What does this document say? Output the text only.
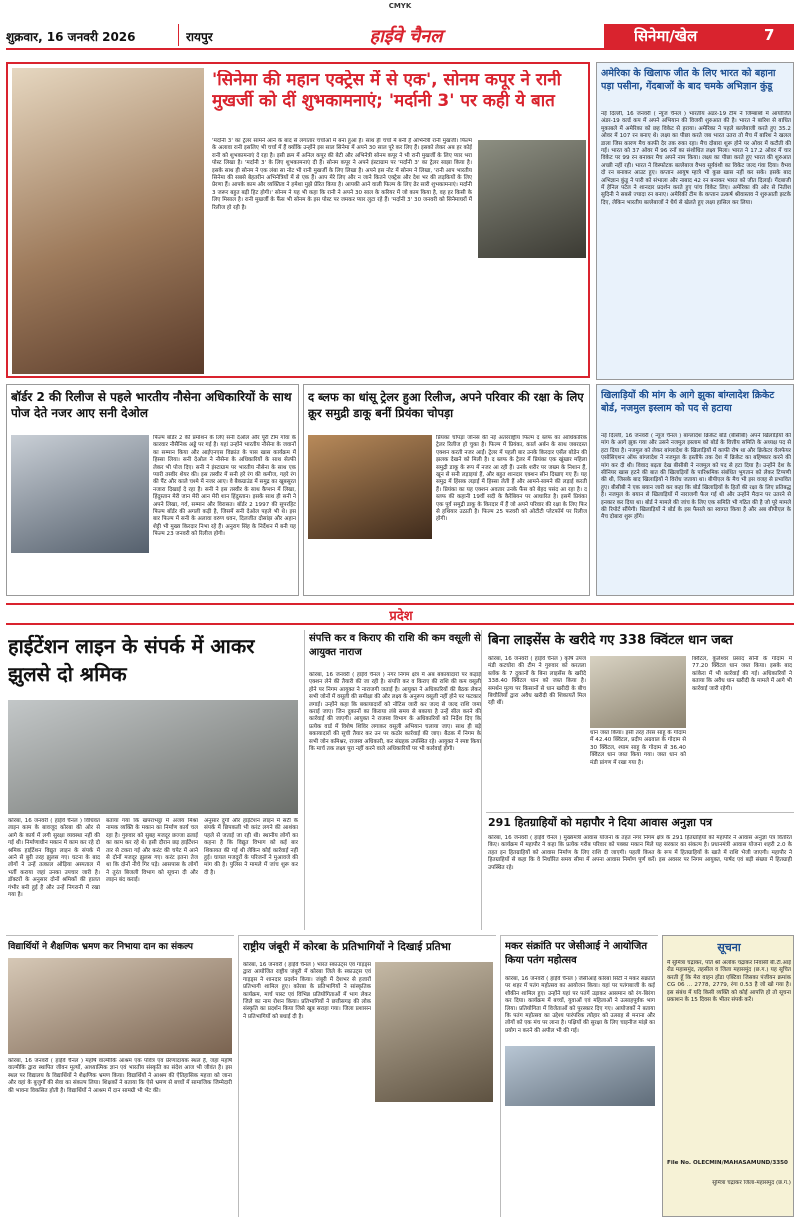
CMYK
शुक्रवार, 16 जनवरी 2026	रायपुर	हाईवे चैनल	सिनेमा/खेल	7
'सिनेमा की महान एक्ट्रेस में से एक', सोनम कपूर ने रानी मुखर्जी को दीं शुभकामनाएं; 'मर्दानी 3' पर कही ये बात
'मर्दानी 3' का ट्रेलर सामने आने के बाद से लगातार चर्चाओं में बना हुआ है। साथ ही चर्चा में बनी हैं अभिनेत्री रानी मुखर्जी। फिल्म के अलावा रानी इसलिए भी चर्चा में हैं क्योंकि उन्होंने इस साल सिनेमा में अपने 30 साल पूरे कर लिए हैं। इसको लेकर अब हर कोई रानी को शुभकामनाएं दे रहा है। इसी क्रम में अनिल कपूर की बेटी और अभिनेत्री सोनम कपूर ने भी रानी मुखर्जी के लिए प्यार भरा पोस्ट लिखा है। 'मर्दानी 3' के लिए शुभकामनाएं दी हैं। सोनम कपूर ने अपने इंस्टाग्राम पर 'मर्दानी 3' का ट्रेलर साझा किया है। इसके साथ ही सोनम ने एक लंबा सा नोट भी रानी मुखर्जी के लिए लिखा है। अपने इस नोट में सोनम ने लिखा, 'रानी आप भारतीय सिनेमा की सबसे बेहतरीन अभिनेत्रियों में से एक हैं। आप मेरे लिए और न जाने कितने एक्ट्रेस और देश भर की लड़कियों के लिए प्रेरणा हैं। आपके काम और व्यक्तित्व ने हमेशा मुझे प्रेरित किया है। आपकी आने वाली फिल्म के लिए ढेर सारी शुभकामनाएं। मर्दानी 3 जरूर बहुत बड़ी हिट होगी।' सोनम ने यह भी कहा कि रानी ने अपने 30 साल के करियर में जो काम किया है, वह हर किसी के लिए मिसाल है। रानी मुखर्जी के फैंस भी सोनम के इस पोस्ट पर जमकर प्यार लुटा रहे हैं। 'मर्दानी 3' 30 जनवरी को सिनेमाघरों में रिलीज हो रही है।
बॉर्डर 2 की रिलीज से पहले भारतीय नौसेना अधिकारियों के साथ पोज देते नजर आए सनी देओल
फिल्म बॉर्डर 2 की प्रमोशन के लिए सनी देओल और पूरी टीम गोवा के कारवार नौसैनिक अड्डे पर गई है। यहां उन्होंने भारतीय नौसेना के जवानों का सम्मान किया और आईएनएस विक्रांत के पास खास कार्यक्रम में हिस्सा लिया। सनी देओल ने नौसेना के अधिकारियों के साथ सेल्फी लेकर भी पोज दिए। सनी ने इंस्टाग्राम पर भारतीय नौसेना के साथ एक प्यारी तस्वीर शेयर की। इस तस्वीर में सनी हरे रंग की कमीज, गहरे रंग की पैंट और काले चश्मे में नजर आए। वे बैकग्राउंड में समुद्र का खूबसूरत नजारा दिखाई दे रहा है। सनी ने इस तस्वीर के साथ कैप्शन में लिखा, हिंदुस्तान मेरी जान मेरी आन मेरी शान हिंदुस्तान। इसके साथ ही सनी ने अपने लिखा, गर्व, सम्मान और विरासत। बॉर्डर 2 1997 की सुपरहिट फिल्म बॉर्डर की अगली कड़ी है, जिसमें सनी देओल पहले भी थे। इस बार फिल्म में सनी के अलावा वरुण धवन, दिलजीत दोसांझ और अहान शेट्टी भी मुख्य किरदार निभा रहे हैं। अनुराग सिंह के निर्देशन में बनी यह फिल्म 23 जनवरी को रिलीज होगी।
द ब्लफ का धांसू ट्रेलर हुआ रिलीज, अपने परिवार की रक्षा के लिए क्रूर समुद्री डाकू बनीं प्रियंका चोपड़ा
प्रियंका चोपड़ा जोनस की नई अंतरराष्ट्रीय फिल्म द ब्लफ का आधिकारिक ट्रेलर रिलीज हो चुका है। फिल्म में प्रियंका, कार्ल अर्बन के साथ जबरदस्त एक्शन करती नजर आईं। ट्रेलर में पहली बार उनके किरदार एर्सेल बोडेन की झलक देखने को मिली है। द ब्लफ के ट्रेलर में प्रियंका एक खूंखार महिला समुद्री डाकू के रूप में नजर आ रही हैं। उनके शरीर पर जख्म के निशान हैं, खून से सनी लड़ाइयां हैं, और बहुत शानदार एक्शन सीन दिखाए गए हैं। यह समुद्र में हिंसक लड़ाई में हिस्सा लेती हैं और आमने-सामने की लड़ाई करती हैं। प्रियंका का यह एक्शन अवतार उनके फैंस को बेहद पसंद आ रहा है। द ब्लफ की कहानी 19वीं सदी के कैरेबियन पर आधारित है। इसमें प्रियंका एक पूर्व समुद्री डाकू के किरदार में हैं जो अपने परिवार की रक्षा के लिए फिर से हथियार उठाती है। फिल्म 25 फरवरी को ओटीटी प्लेटफॉर्म पर रिलीज होगी।
अमेरिका के खिलाफ जीत के लिए भारत को बहाना पड़ा पसीना, गेंदबाजों के बाद चमके अभिज्ञान कुंडू
नई दिल्ली, 16 जनवरी ( न्यूज चैनल ) भारतीय अंडर-19 टीम ने जिम्बाब्वे में आयोजित अंडर-19 वर्ल्ड कप में अपने अभियान की विजयी शुरुआत की है। भारत ने बारिश से बाधित मुकाबले में अमेरिका को छह विकेट से हराया। अमेरिका ने पहले बल्लेबाजी करते हुए 35.2 ओवर में 107 रन बनाए थे। लक्ष्य का पीछा करते जब भारत उतरा तो मैच में बारिश ने खलल डाला जिस कारण मैच काफी देर तक रुका रहा। मैच दोबारा शुरू होने पर ओवर में कटौती की गई। भारत को 37 ओवर में 96 रनों का संशोधित लक्ष्य मिला। भारत ने 17.2 ओवर में चार विकेट पर 99 रन बनाकर मैच अपने नाम किया। लक्ष्य का पीछा करते हुए भारत की शुरुआत अच्छी नहीं रही। भारत ने विस्फोटक बल्लेबाज वैभव सूर्यवंशी का विकेट जल्द गंवा दिया। वैभव दो रन बनाकर आउट हुए। कप्तान आयुष म्हात्रे भी कुछ खास नहीं कर सके। इसके बाद अभिज्ञान कुंडू ने पारी को संभाला और नाबाद 42 रन बनाकर भारत को जीत दिलाई। गेंदबाजी में हेनिल पटेल ने शानदार प्रदर्शन करते हुए पांच विकेट लिए। अमेरिका की ओर से नितीश सुदिनी ने सबसे ज्यादा रन बनाए। अमेरिकी टीम के कप्तान उत्कर्ष श्रीवास्तव ने शुरुआती झटके दिए, लेकिन भारतीय बल्लेबाजों ने धैर्य से खेलते हुए लक्ष्य हासिल कर लिया।
खिलाड़ियों की मांग के आगे झुका बांग्लादेश क्रिकेट बोर्ड, नजमुल इस्लाम को पद से हटाया
नई दिल्ली, 16 जनवरी ( न्यूज चैनल ) बांग्लादेश क्रिकेट बोर्ड (बीसीबी) अपने खिलाड़ियों की मांग के आगे झुक गया और उसने नजमुल इस्लाम को बोर्ड के वित्तीय समिति के अध्यक्ष पद से हटा दिया है। नजमुल को लेकर बांग्लादेश के खिलाड़ियों में काफी रोष था और क्रिकेटर वेलफेयर एसोसिएशन ऑफ बांग्लादेश ने नजमुल के इस्तीफे तक देश में क्रिकेट का बहिष्कार करने की मांग कर दी थी। विवाद बढ़ता देख बीसीबी ने नजमुल को पद से हटा दिया है। उन्होंने देश के सीनियर खास हटने की बात की खिलाड़ियों के पारिश्रमिक संबंधित भुगतान को लेकर टिप्पणी की थी, जिसके बाद खिलाड़ियों ने विरोध जताया था। बीपीएल के मैच भी इस वजह से प्रभावित हुए। बीसीबी ने एक बयान जारी कर कहा कि बोर्ड खिलाड़ियों के हितों की रक्षा के लिए प्रतिबद्ध है। नजमुल के बयान से खिलाड़ियों में नाराजगी फैल गई थी और उन्होंने मैदान पर उतरने से इनकार कर दिया था। बोर्ड ने मामले की जांच के लिए एक समिति भी गठित की है जो पूरे मामले की रिपोर्ट सौंपेगी। खिलाड़ियों ने बोर्ड के इस फैसले का स्वागत किया है और अब बीपीएल के मैच दोबारा शुरू होंगे।
प्रदेश
हाईटेंशन लाइन के संपर्क में आकर झुलसे दो श्रमिक
कोरबा, 16 जनवरी ( हाईवे चैनल ) विधिवत लाइन काम के बावजूद कोरबा की ओर से आगे के कार्य में लगी सुरक्षा व्यवस्था नहीं की गई थी। निर्माणाधीन मकान में काम कर रहे दो श्रमिक हाईटेंशन विद्युत लाइन के संपर्क में आने से बुरी तरह झुलस गए। घटना के बाद लोगों ने उन्हें तत्काल ओड़िया अस्पताल में भर्ती कराया जहां उनका उपचार जारी है। डॉक्टरों के अनुसार दोनों श्रमिकों की हालत गंभीर बनी हुई है और उन्हें निगरानी में रखा गया है।
बताया गया कि खपराभट्ठा में अजय मिश्रा नामक व्यक्ति के मकान का निर्माण कार्य चल रहा है। गुरुवार को सुबह मजदूर छज्जा ढलाई का काम कर रहे थे। इसी दौरान छड़ हाईटेंशन तार से टकरा गई और करंट की चपेट में आने से दोनों मजदूर झुलस गए। करंट इतना तेज था कि दोनों नीचे गिर पड़े। आसपास के लोगों ने तुरंत बिजली विभाग को सूचना दी और लाइन बंद कराई।
अनुसार दुर्गा और हाईटेंशन लाइन में सटी के संपर्क में छिपकली भी करंट लगने की आशंका पहले से जताई जा रही थी। स्थानीय लोगों का कहना है कि विद्युत विभाग को कई बार शिकायत की गई थी लेकिन कोई कार्रवाई नहीं हुई। घायल मजदूरों के परिजनों ने मुआवजे की मांग की है। पुलिस ने मामले में जांच शुरू कर दी है।
संपत्ति कर व किराए की राशि की कम वसूली से आयुक्त नाराज
कोरबा, 16 जनवरी ( हाईवे चैनल ) नगर निगम क्षेत्र में अब बकायादारों पर कड़ाई एक्शन लेने की तैयारी की जा रही है। संपत्ति कर व किराए की राशि की कम वसूली होने पर निगम आयुक्त ने नाराजगी जताई है। आयुक्त ने अधिकारियों की बैठक लेकर सभी जोनों में वसूली की समीक्षा की और लक्ष्य के अनुरूप वसूली नहीं होने पर फटकार लगाई। उन्होंने कहा कि बकायादारों को नोटिस जारी कर जल्द से जल्द राशि जमा कराई जाए। जिन दुकानों का किराया लंबे समय से बकाया है उन्हें सील करने की कार्रवाई की जाएगी। आयुक्त ने राजस्व विभाग के अधिकारियों को निर्देश दिए कि प्रत्येक वार्ड में विशेष शिविर लगाकर वसूली अभियान चलाया जाए। साथ ही बड़े बकायादारों की सूची तैयार कर उन पर कठोर कार्रवाई की जाए। बैठक में निगम के सभी जोन कमिश्नर, राजस्व अधिकारी, कर संग्रहक उपस्थित रहे। आयुक्त ने स्पष्ट किया कि मार्च तक लक्ष्य पूरा नहीं करने वाले अधिकारियों पर भी कार्रवाई होगी।
बिना लाइसेंस के खरीदे गए 338 क्विंटल धान जब्त
कोरबा, 16 जनवरी ( हाईवे चैनल ) कृषि उपज मंडी कटघोरा की टीम ने गुरुवार को करतला ब्लॉक के 7 दुकानों के बिना लाइसेंस के खरीदे 338.40 क्विंटल धान को जब्त किया है। समर्थन मूल्य पर किसानों से धान खरीदी के बीच बिचौलियों द्वारा अवैध खरीदी की शिकायतें मिल रही थीं।
धान जब्त किया। इसी तरह तेरस साहू के गोदाम में 42.40 क्विंटल, प्रदीप अग्रवाल के गोदाम से 30 क्विंटल, श्याम साहू के गोदाम से 36.40 क्विंटल धान जब्त किया गया। जब्त धान को मंडी प्रांगण में रखा गया है।
क्विंटल, कुलेश्वर प्रसाद सोनी के गोदाम में 77.20 क्विंटल धान जब्त किया। इसके बाद कांकेरा में भी कार्रवाई की गई। अधिकारियों ने बताया कि अवैध धान खरीदी के मामले में आगे भी कार्रवाई जारी रहेगी।
291 हितग्राहियों को महापौर ने दिया आवास अनुज्ञा पत्र
कोरबा, 16 जनवरी ( हाईवे चैनल ) मुख्यमंत्री आवास योजना के तहत नगर निगम क्षेत्र के 291 हितग्राहियों को महापौर ने आवास अनुज्ञा पत्र वितरित किए। कार्यक्रम में महापौर ने कहा कि प्रत्येक गरीब परिवार को पक्का मकान मिले यह सरकार का संकल्प है। प्रधानमंत्री आवास योजना शहरी 2.0 के तहत इन हितग्राहियों को आवास निर्माण के लिए राशि दी जाएगी। पहली किश्त के रूप में हितग्राहियों के खाते में राशि भेजी जाएगी। महापौर ने हितग्राहियों से कहा कि वे निर्धारित समय सीमा में अपना आवास निर्माण पूर्ण करें। इस अवसर पर निगम आयुक्त, पार्षद एवं बड़ी संख्या में हितग्राही उपस्थित रहे।
विद्यार्थियों ने शैक्षणिक भ्रमण कर निभाया दान का संकल्प
कोरबा, 16 जनवरी ( हाईवे चैनल ) महर्षि वाल्मीकि आश्रम एक पवित्र एवं प्रेरणादायक स्थल है, जहां महर्षि वाल्मीकि द्वारा स्थापित जीवन मूल्यों, आध्यात्मिक ज्ञान एवं भारतीय संस्कृति का संदेश आज भी जीवंत है। इस स्थल पर विद्यालय के विद्यार्थियों ने शैक्षणिक भ्रमण किया। विद्यार्थियों ने आश्रम की ऐतिहासिक महत्ता को जाना और वहां के बुजुर्गों की सेवा का संकल्प लिया। शिक्षकों ने बताया कि ऐसे भ्रमण से बच्चों में सामाजिक जिम्मेदारी की भावना विकसित होती है। विद्यार्थियों ने आश्रम में दान सामग्री भी भेंट की।
राष्ट्रीय जंबूरी में कोरबा के प्रतिभागियों ने दिखाई प्रतिभा
कोरबा, 16 जनवरी ( हाईवे चैनल ) भारत स्काउट्स एवं गाइड्स द्वारा आयोजित राष्ट्रीय जंबूरी में कोरबा जिले के स्काउट्स एवं गाइड्स ने शानदार प्रदर्शन किया। जंबूरी में देशभर से हजारों प्रतिभागी शामिल हुए। कोरबा के प्रतिभागियों ने सांस्कृतिक कार्यक्रम, मार्च पास्ट एवं विभिन्न प्रतियोगिताओं में भाग लेकर जिले का नाम रोशन किया। प्रतिभागियों ने छत्तीसगढ़ की लोक संस्कृति का प्रदर्शन किया जिसे खूब सराहा गया। जिला प्रशासन ने प्रतिभागियों को बधाई दी है।
मकर संक्रांति पर जेसीआई ने आयोजित किया पतंग महोत्सव
कोरबा, 16 जनवरी ( हाईवे चैनल ) जेसीआई कोरबा सिटी ने मकर संक्रांति पर शहर में पतंग महोत्सव का आयोजन किया। यहां पर पतंगबाजी के कई शौकीन शामिल हुए। उन्होंने यहां पर पतंगें उड़ाकर आसमान को रंग-बिरंगा कर दिया। कार्यक्रम में बच्चों, युवाओं एवं महिलाओं ने उत्साहपूर्वक भाग लिया। प्रतियोगिता में विजेताओं को पुरस्कार दिए गए। आयोजकों ने बताया कि पतंग महोत्सव का उद्देश्य पारंपरिक त्योहार को उत्साह से मनाना और लोगों को एक मंच पर लाना है। पक्षियों की सुरक्षा के लिए चाइनीज मांझे का प्रयोग न करने की अपील भी की गई।
सूचना
मैं सुमित्रा चंद्राकर, पति श्री अलोक चंद्राकर निवासी बी.टी.आई रोड महासमुंद, तहसील व जिला महासमुंद (छ.ग.) यह सूचित करती हूँ कि मेरा वाहन होंडा एक्टिवा जिसका पंजीयन क्रमांक CG 06 ... 2778, 2779, रंगा 0.53 है जो खो गया है। इस संबंध में यदि किसी व्यक्ति को कोई आपत्ति हो तो सूचना प्रकाशन के 15 दिवस के भीतर संपर्क करें।
File No. OLECMIN/MAHASAMUND/3350
सुमित्रा चंद्राकर जिला-महासमुंद (छ.ग.)
